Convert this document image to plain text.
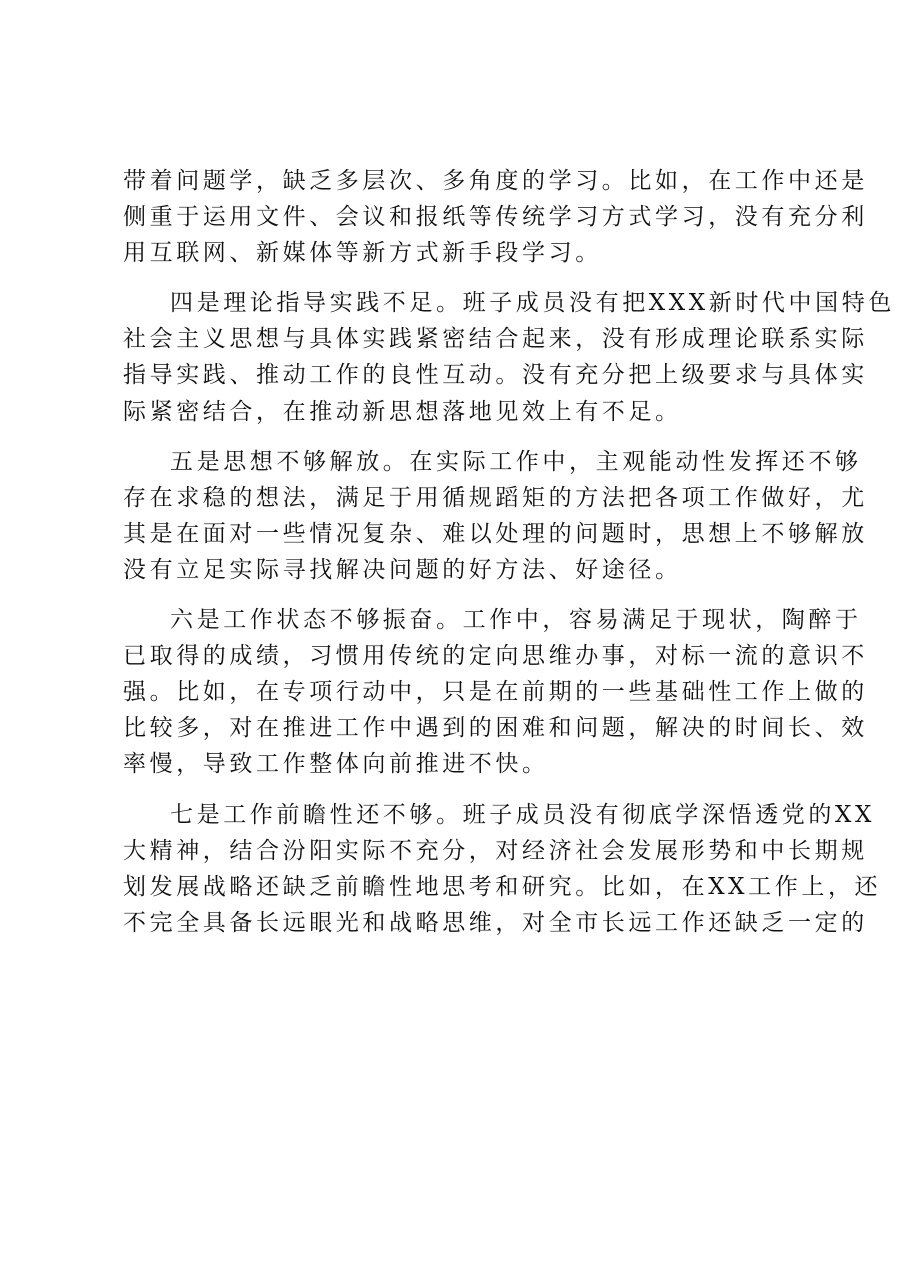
带着问题学，缺乏多层次、多角度的学习。比如，在工作中还是
侧重于运用文件、会议和报纸等传统学习方式学习，没有充分利
用互联网、新媒体等新方式新手段学习。
四是理论指导实践不足。班子成员没有把XXX新时代中国特色
社会主义思想与具体实践紧密结合起来，没有形成理论联系实际
指导实践、推动工作的良性互动。没有充分把上级要求与具体实
际紧密结合，在推动新思想落地见效上有不足。
五是思想不够解放。在实际工作中，主观能动性发挥还不够
存在求稳的想法，满足于用循规蹈矩的方法把各项工作做好，尤
其是在面对一些情况复杂、难以处理的问题时，思想上不够解放
没有立足实际寻找解决问题的好方法、好途径。
六是工作状态不够振奋。工作中，容易满足于现状，陶醉于
已取得的成绩，习惯用传统的定向思维办事，对标一流的意识不
强。比如，在专项行动中，只是在前期的一些基础性工作上做的
比较多，对在推进工作中遇到的困难和问题，解决的时间长、效
率慢，导致工作整体向前推进不快。
七是工作前瞻性还不够。班子成员没有彻底学深悟透党的XX
大精神，结合汾阳实际不充分，对经济社会发展形势和中长期规
划发展战略还缺乏前瞻性地思考和研究。比如，在XX工作上，还
不完全具备长远眼光和战略思维，对全市长远工作还缺乏一定的
